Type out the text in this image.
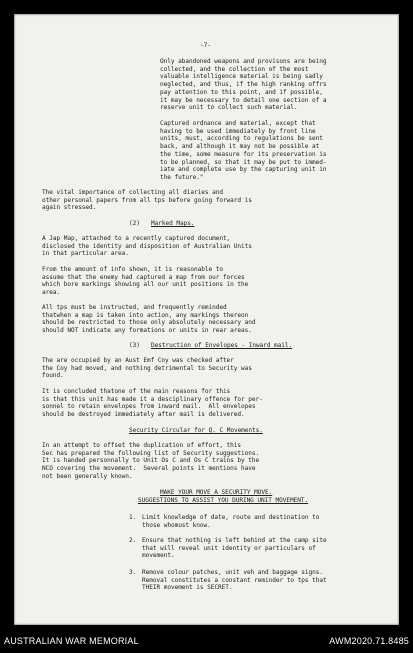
-7-
Only abandoned weapons and provisons are being
collected, and the collection of the most
valuable intelligence material is being sadly
neglected, and thus, if the high ranking offrs
pay attention to this point, and if possible,
it may be necessary to detail one section of a
reserve unit to collect such material.
Captured ordnance and material, except that
having to be used immediately by front line
units, must, according to regulations be sent
back, and although it may not be possible at
the time, some measure for its preservation is
to be planned, so that it may be put to immed-
iate and complete use by the capturing unit in
the future."
The vital importance of collecting all diaries and
other personal papers from all tps before going forward is
again stressed.
(2) Marked Maps.
A Jap Map, attached to a recently captured document,
disclosed the identity and disposition of Australian Units
in that particular area.
From the amount of info shown, it is reasonable to
assume that the enemy had captured a map from our forces
which bore markings showing all our unit positions in the
area.
All tps must be instructed, and frequently reminded
thatwhen a map is taken into action, any markings thereon
should be restricted to those only absolutely necessary and
should NOT indicate any formations or units in rear areas.
(3) Destruction of Envelopes - Inward mail.
The are occupied by an Aust Emf Coy was checked after
the Coy had moved, and nothing detrimental to Security was
found.
It is concluded thatone of the main reasons for this
is that this unit has made it a desciplinary offence for per-
sonnel to retain envelopes from inward mail.  All envelopes
should be destroyed immediately after mail is delivered.
Security Circular for Q. C Movements.
In an attempt to offset the duplication of effort, this
Sec has prepared the following list of Security suggestions.
It is handed personnally to Unit Os C and Os C trains by the
NCO covering the movement.  Several points it mentions have
not been generally known.
MAKE YOUR MOVE A SECURITY MOVE.
SUGGESTIONS TO ASSIST YOU DURING UNIT MOVEMENT.
1. Limit knowledge of date, route and destination to
those whomust know.
2. Ensure that nothing is left behind at the camp site
that will reveal unit identity or particulars of
movement.
3. Remove colour patches, unit veh and baggage signs.
Removal constitutes a constant reminder to tps that
THEIR movement is SECRET.
AUSTRALIAN WAR MEMORIAL	AWM2020.71.8485
